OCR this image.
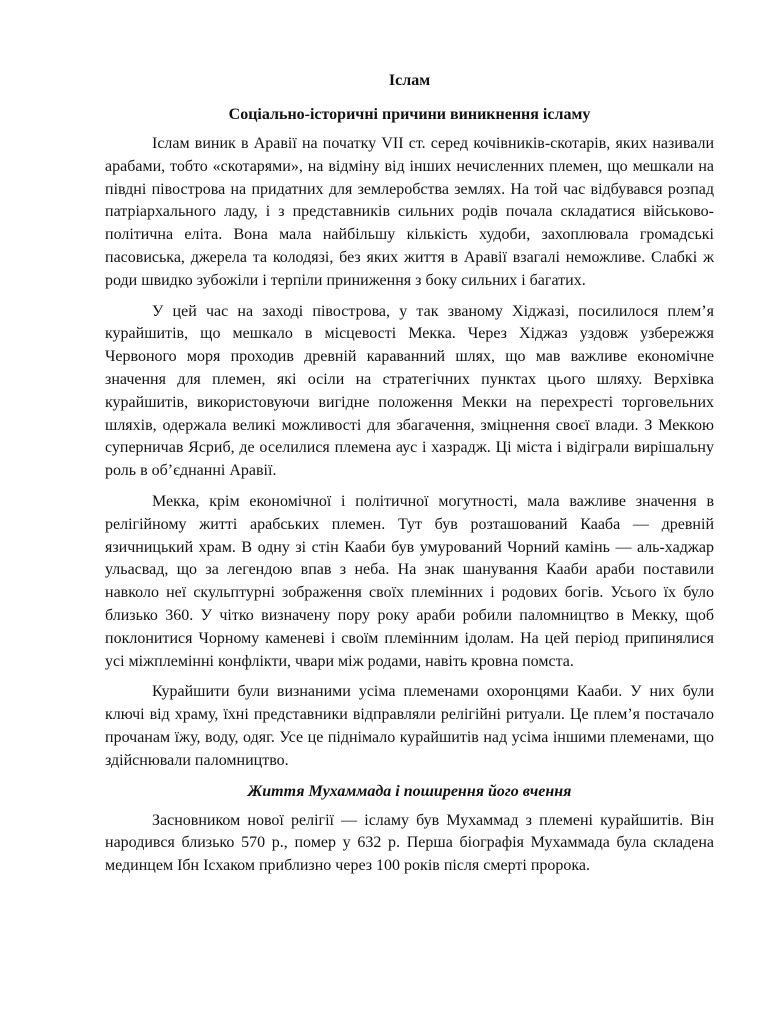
Іслам
Соціально-історичні причини виникнення ісламу

Іслам виник в Аравії на початку VII ст. серед кочівників-скотарів, яких називали арабами, тобто «скотарями», на відміну від інших нечисленних племен, що мешкали на півдні півострова на придатних для землеробства землях. На той час відбувався розпад патріархального ладу, і з представників сильних родів почала складатися військово-політична еліта. Вона мала найбільшу кількість худоби, захоплювала громадські пасовиська, джерела та колодязі, без яких життя в Аравії взагалі неможливе. Слабкі ж роди швидко зубожіли і терпіли приниження з боку сильних і багатих.

У цей час на заході півострова, у так званому Хіджазі, посилилося плем’я курайшитів, що мешкало в місцевості Мекка. Через Хіджаз уздовж узбережжя Червоного моря проходив древній караванний шлях, що мав важливе економічне значення для племен, які осіли на стратегічних пунктах цього шляху. Верхівка курайшитів, використовуючи вигідне положення Мекки на перехресті торговельних шляхів, одержала великі можливості для збагачення, зміцнення своєї влади. З Меккою суперничав Ясриб, де оселилися племена аус і хазрадж. Ці міста і відіграли вирішальну роль в об’єднанні Аравії.

Мекка, крім економічної і політичної могутності, мала важливе значення в релігійному житті арабських племен. Тут був розташований Кааба — древній язичницький храм. В одну зі стін Кааби був умурований Чорний камінь — аль-хаджар ульасвад, що за легендою впав з неба. На знак шанування Кааби араби поставили навколо неї скульптурні зображення своїх племінних і родових богів. Усього їх було близько 360. У чітко визначену пору року араби робили паломництво в Мекку, щоб поклонитися Чорному каменеві і своїм племінним ідолам. На цей період припинялися усі міжплемінні конфлікти, чвари між родами, навіть кровна помста.

Курайшити були визнаними усіма племенами охоронцями Кааби. У них були ключі від храму, їхні представники відправляли релігійні ритуали. Це плем’я постачало прочанам їжу, воду, одяг. Усе це піднімало курайшитів над усіма іншими племенами, що здійснювали паломництво.

Життя Мухаммада і поширення його вчення

Засновником нової релігії — ісламу був Мухаммад з племені курайшитів. Він народився близько 570 р., помер у 632 р. Перша біографія Мухаммада була складена мединцем Ібн Ісхаком приблизно через 100 років після смерті пророка.
